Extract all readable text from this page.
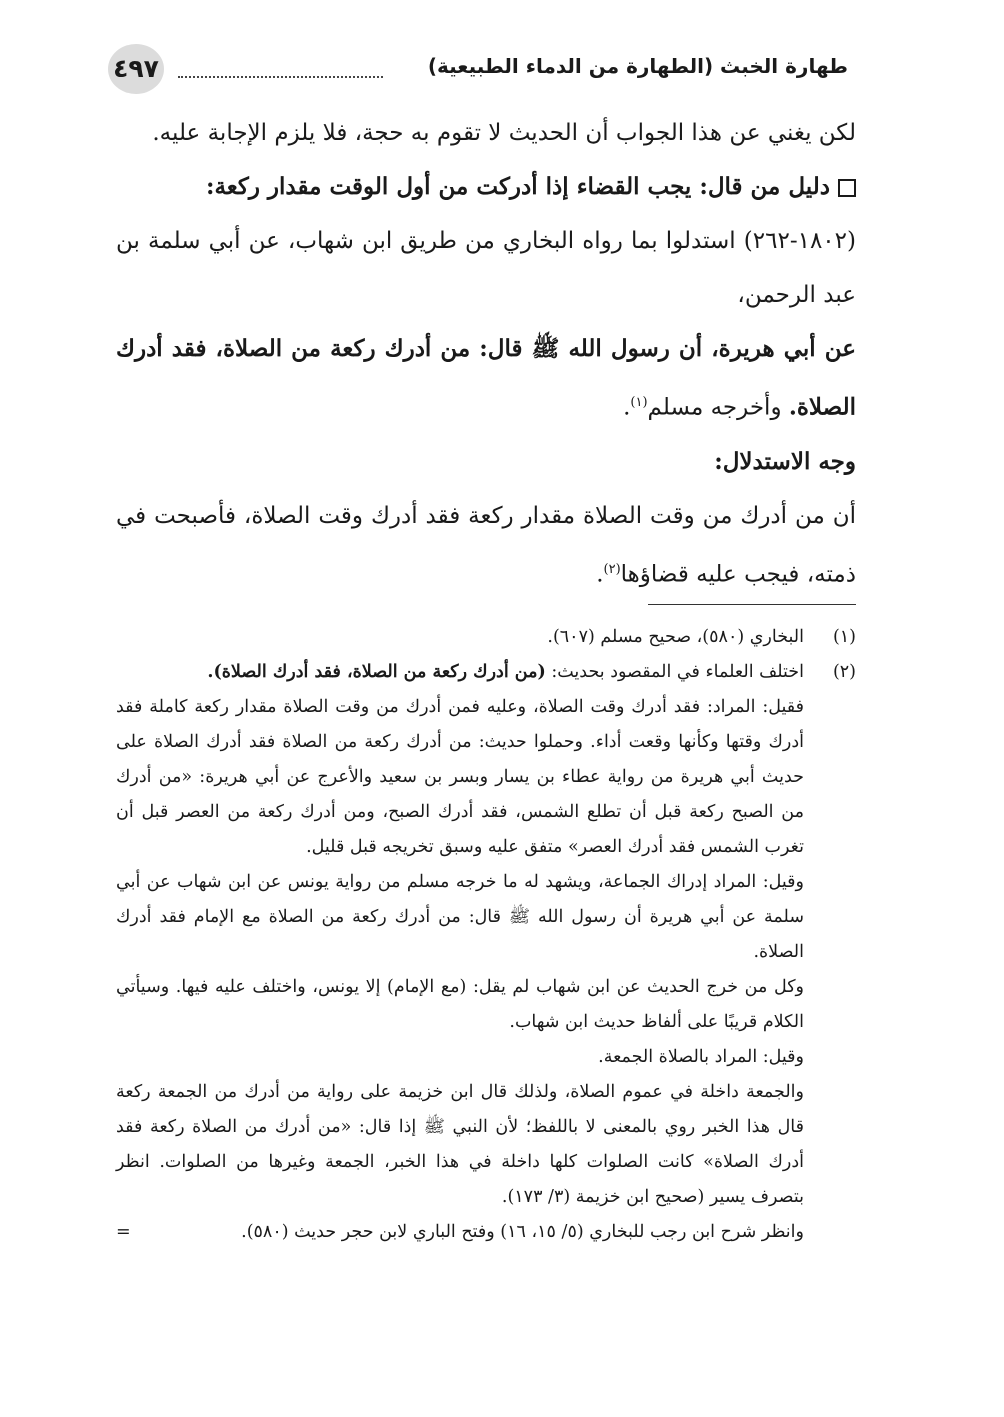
٤٩٧	طهارة الخبث (الطهارة من الدماء الطبيعية)

لكن يغني عن هذا الجواب أن الحديث لا تقوم به حجة، فلا يلزم الإجابة عليه.

دليل من قال: يجب القضاء إذا أدركت من أول الوقت مقدار ركعة:

(١٨٠٢-٢٦٢) استدلوا بما رواه البخاري من طريق ابن شهاب، عن أبي سلمة بن عبد الرحمن،

عن أبي هريرة، أن رسول الله ﷺ قال: من أدرك ركعة من الصلاة، فقد أدرك الصلاة. وأخرجه مسلم$^{(١)}$.

وجه الاستدلال:

أن من أدرك من وقت الصلاة مقدار ركعة فقد أدرك وقت الصلاة، فأصبحت في ذمته، فيجب عليه قضاؤها$^{(٢)}$.

(١)
البخاري (٥٨٠)، صحيح مسلم (٦٠٧).

(٢)
اختلف العلماء في المقصود بحديث: (من أدرك ركعة من الصلاة، فقد أدرك الصلاة).

فقيل: المراد: فقد أدرك وقت الصلاة، وعليه فمن أدرك من وقت الصلاة مقدار ركعة كاملة فقد أدرك وقتها وكأنها وقعت أداء. وحملوا حديث: من أدرك ركعة من الصلاة فقد أدرك الصلاة على حديث أبي هريرة من رواية عطاء بن يسار وبسر بن سعيد والأعرج عن أبي هريرة: «من أدرك من الصبح ركعة قبل أن تطلع الشمس، فقد أدرك الصبح، ومن أدرك ركعة من العصر قبل أن تغرب الشمس فقد أدرك العصر» متفق عليه وسبق تخريجه قبل قليل.

وقيل: المراد إدراك الجماعة، ويشهد له ما خرجه مسلم من رواية يونس عن ابن شهاب عن أبي سلمة عن أبي هريرة أن رسول الله ﷺ قال: من أدرك ركعة من الصلاة مع الإمام فقد أدرك الصلاة.

وكل من خرج الحديث عن ابن شهاب لم يقل: (مع الإمام) إلا يونس، واختلف عليه فيها. وسيأتي الكلام قريبًا على ألفاظ حديث ابن شهاب.

وقيل: المراد بالصلاة الجمعة.

والجمعة داخلة في عموم الصلاة، ولذلك قال ابن خزيمة على رواية من أدرك من الجمعة ركعة قال هذا الخبر روي بالمعنى لا باللفظ؛ لأن النبي ﷺ إذا قال: «من أدرك من الصلاة ركعة فقد أدرك الصلاة» كانت الصلوات كلها داخلة في هذا الخبر، الجمعة وغيرها من الصلوات. انظر بتصرف يسير (صحيح ابن خزيمة (٣/ ١٧٣).

=	وانظر شرح ابن رجب للبخاري (٥/ ١٥، ١٦) وفتح الباري لابن حجر حديث (٥٨٠).
